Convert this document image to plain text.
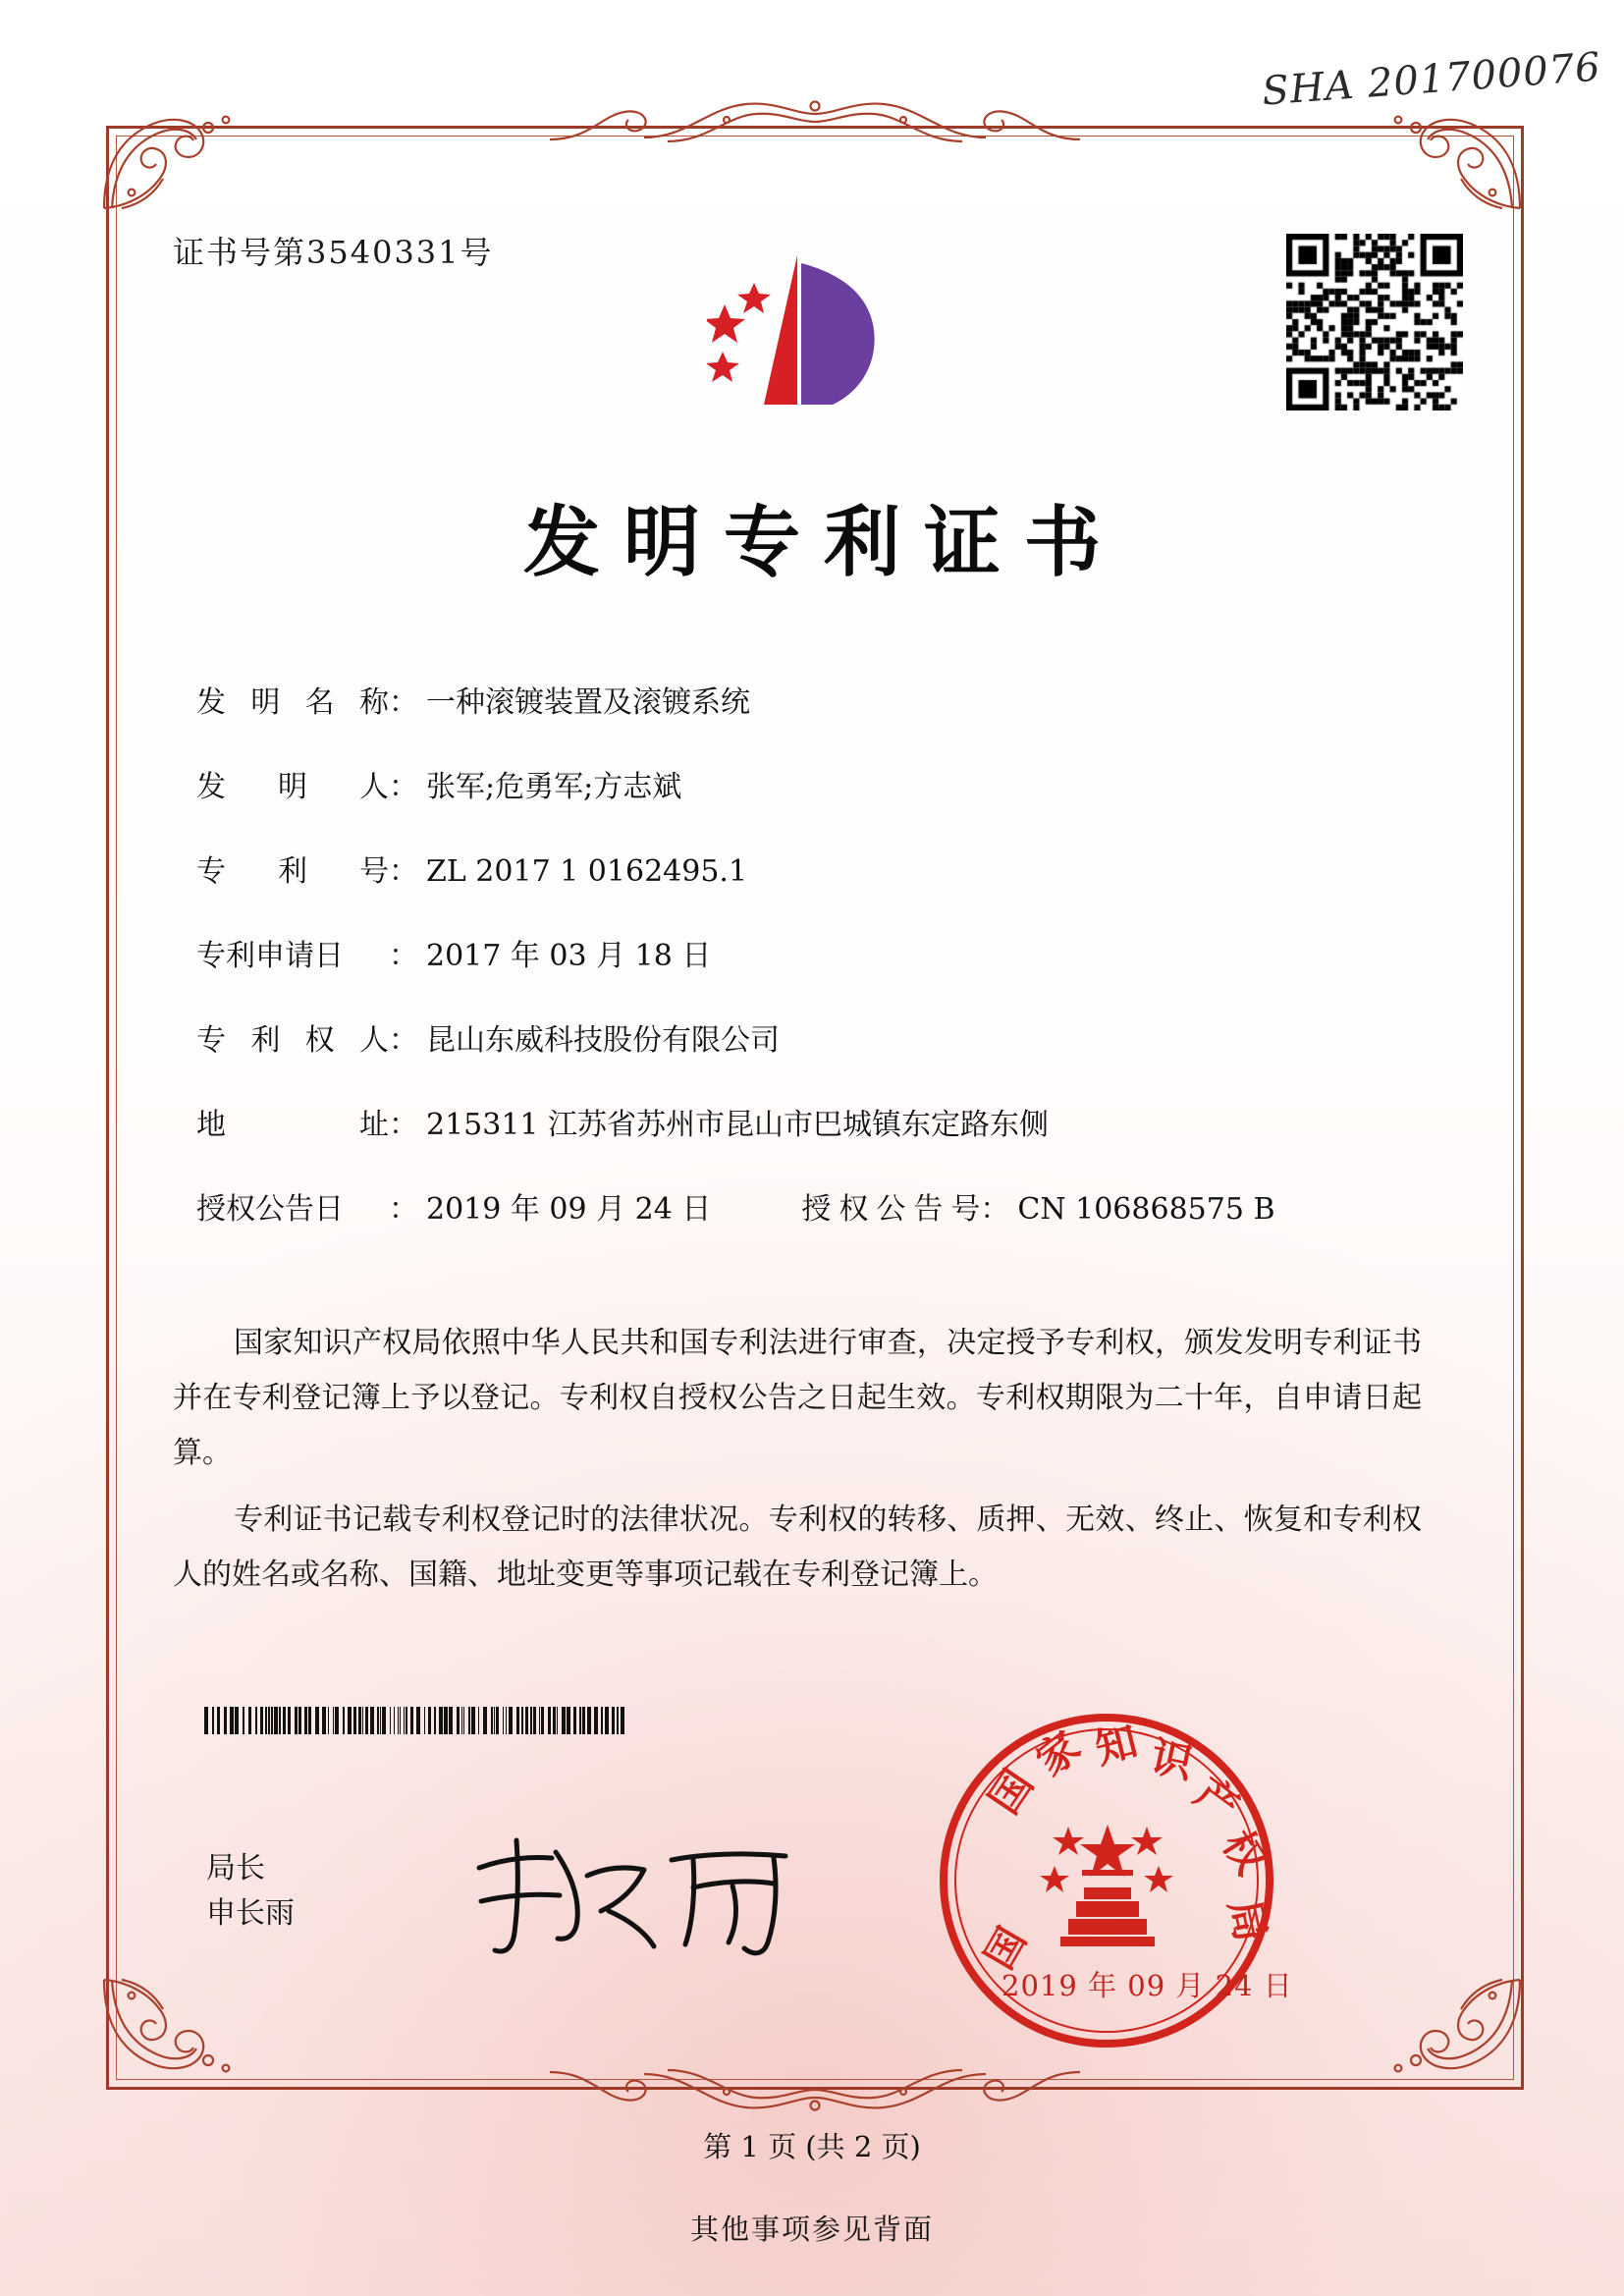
SHA 201700076
证书号第3540331号
发明专利证书
发 明 名 称 ： 一种滚镀装置及滚镀系统
发 明 人 ： 张军;危勇军;方志斌
专 利 号 ： ZL 2017 1 0162495.1
专利申请日	： 2017 年 03 月 18 日
专 利 权 人 ： 昆山东威科技股份有限公司
地	址 ： 215311 江苏省苏州市昆山市巴城镇东定路东侧
授权公告日	： 2019 年 09 月 24 日	授 权 公 告 号 ： CN 106868575 B

国家知识产权局依照中华人民共和国专利法进行审查，决定授予专利权，颁发发明专利证书并在专利登记簿上予以登记。专利权自授权公告之日起生效。专利权期限为二十年，自申请日起算。

专利证书记载专利权登记时的法律状况。专利权的转移、质押、无效、终止、恢复和专利权人的姓名或名称、国籍、地址变更等事项记载在专利登记簿上。

局长
申长雨
国
家 知 识
产
权
局
国
2019 年 09 月 24 日
第 1 页 (共 2 页)
其他事项参见背面
